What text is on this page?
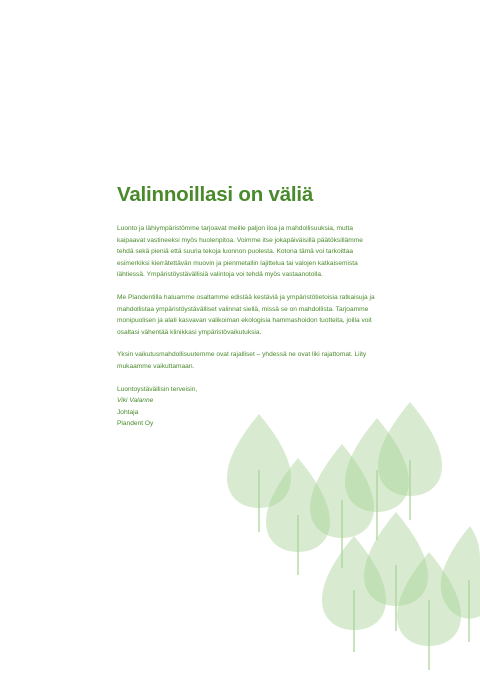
Valinnoillasi on väliä

Luonto ja lähiympäristömme tarjoavat meille paljon iloa ja mahdollisuuksia, mutta kaipaavat vastineeksi myös huolenpitoa. Voimme itse jokapäiväisillä päätöksillämme tehdä sekä pieniä että suuria tekoja luonnon puolesta. Kotona tämä voi tarkoittaa esimerkiksi kierrätettävän muovin ja pienmetallin lajittelua tai valojen katkaisemista lähtiessä. Ympäristöystävällisiä valintoja voi tehdä myös vastaanotolla.

Me Plandentilla haluamme osaltamme edistää kestäviä ja ympäristötietoisia ratkaisuja ja mahdollistaa ympäristöystävälliset valinnat siellä, missä se on mahdollista. Tarjoamme monipuolisen ja alati kasvavan valikoiman ekologisia hammashoidon tuotteita, joilla voit osaltasi vähentää klinikkasi ympäristövaikutuksia.

Yksin vaikutusmahdollisuutemme ovat rajalliset – yhdessä ne ovat liki rajattomat. Liity mukaamme vaikuttamaan.

Luontoystävällisin terveisin,
Viki Valanne
Johtaja
Plandent Oy
